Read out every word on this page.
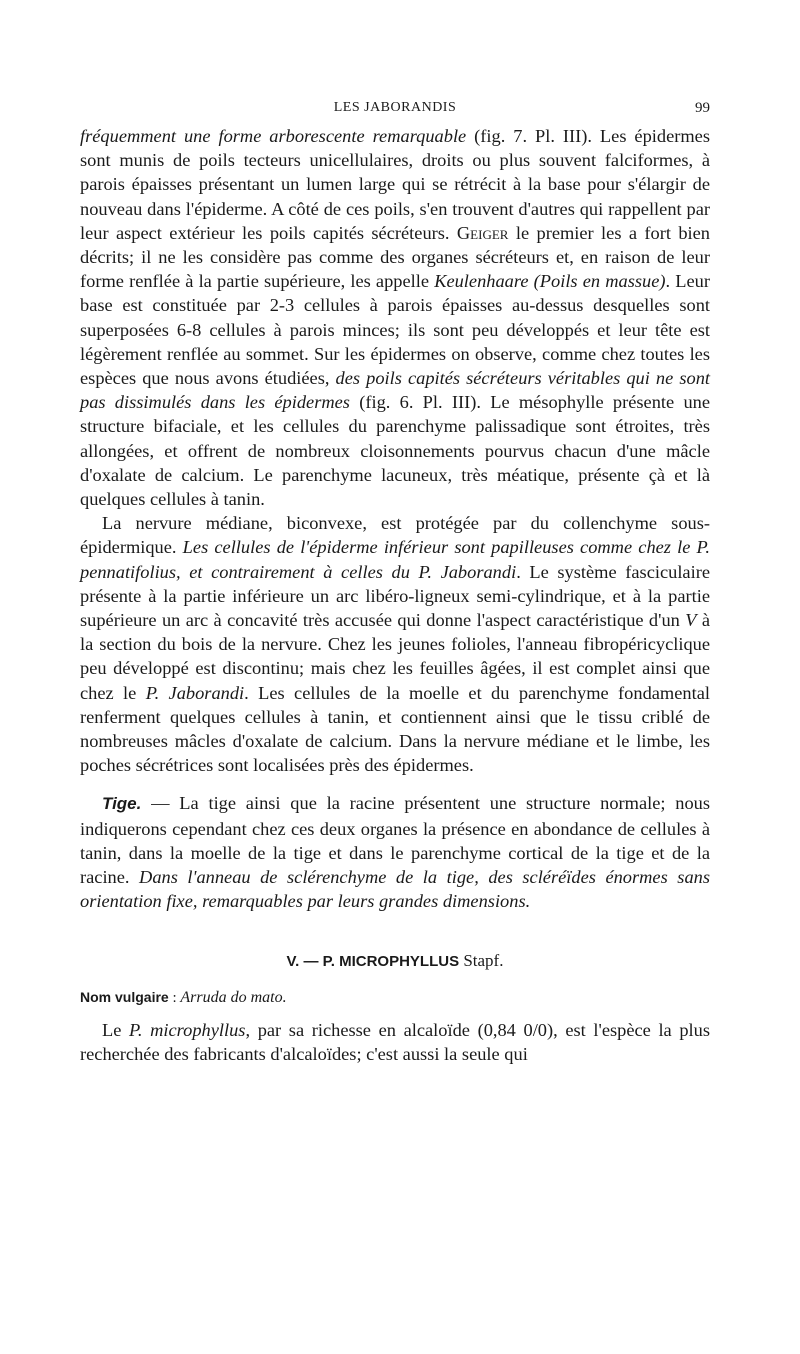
LES JABORANDIS	99

fréquemment une forme arborescente remarquable (fig. 7. Pl. III). Les épidermes sont munis de poils tecteurs unicellulaires, droits ou plus souvent falciformes, à parois épaisses présentant un lumen large qui se rétrécit à la base pour s'élargir de nouveau dans l'épiderme. A côté de ces poils, s'en trouvent d'autres qui rappellent par leur aspect extérieur les poils capités sécréteurs. Geiger le premier les a fort bien décrits; il ne les considère pas comme des organes sécréteurs et, en raison de leur forme renflée à la partie supérieure, les appelle Keulenhaare (Poils en massue). Leur base est constituée par 2-3 cellules à parois épaisses au-dessus desquelles sont superposées 6-8 cellules à parois minces; ils sont peu développés et leur tête est légèrement renflée au sommet. Sur les épidermes on observe, comme chez toutes les espèces que nous avons étudiées, des poils capités sécréteurs véritables qui ne sont pas dissimulés dans les épidermes (fig. 6. Pl. III). Le mésophylle présente une structure bifaciale, et les cellules du parenchyme palissadique sont étroites, très allongées, et offrent de nombreux cloisonnements pourvus chacun d'une mâcle d'oxalate de calcium. Le parenchyme lacuneux, très méatique, présente çà et là quelques cellules à tanin.

La nervure médiane, biconvexe, est protégée par du collenchyme sous-épidermique. Les cellules de l'épiderme inférieur sont papilleuses comme chez le P. pennatifolius, et contrairement à celles du P. Jaborandi. Le système fasciculaire présente à la partie inférieure un arc libéro-ligneux semi-cylindrique, et à la partie supérieure un arc à concavité très accusée qui donne l'aspect caractéristique d'un V à la section du bois de la nervure. Chez les jeunes folioles, l'anneau fibropéricyclique peu développé est discontinu; mais chez les feuilles âgées, il est complet ainsi que chez le P. Jaborandi. Les cellules de la moelle et du parenchyme fondamental renferment quelques cellules à tanin, et contiennent ainsi que le tissu criblé de nombreuses mâcles d'oxalate de calcium. Dans la nervure médiane et le limbe, les poches sécrétrices sont localisées près des épidermes.

Tige. — La tige ainsi que la racine présentent une structure normale; nous indiquerons cependant chez ces deux organes la présence en abondance de cellules à tanin, dans la moelle de la tige et dans le parenchyme cortical de la tige et de la racine. Dans l'anneau de sclérenchyme de la tige, des scléréïdes énormes sans orientation fixe, remarquables par leurs grandes dimensions.

V. — P. MICROPHYLLUS Stapf.
Nom vulgaire : Arruda do mato.

Le P. microphyllus, par sa richesse en alcaloïde (0,84 0/0), est l'espèce la plus recherchée des fabricants d'alcaloïdes; c'est aussi la seule qui
